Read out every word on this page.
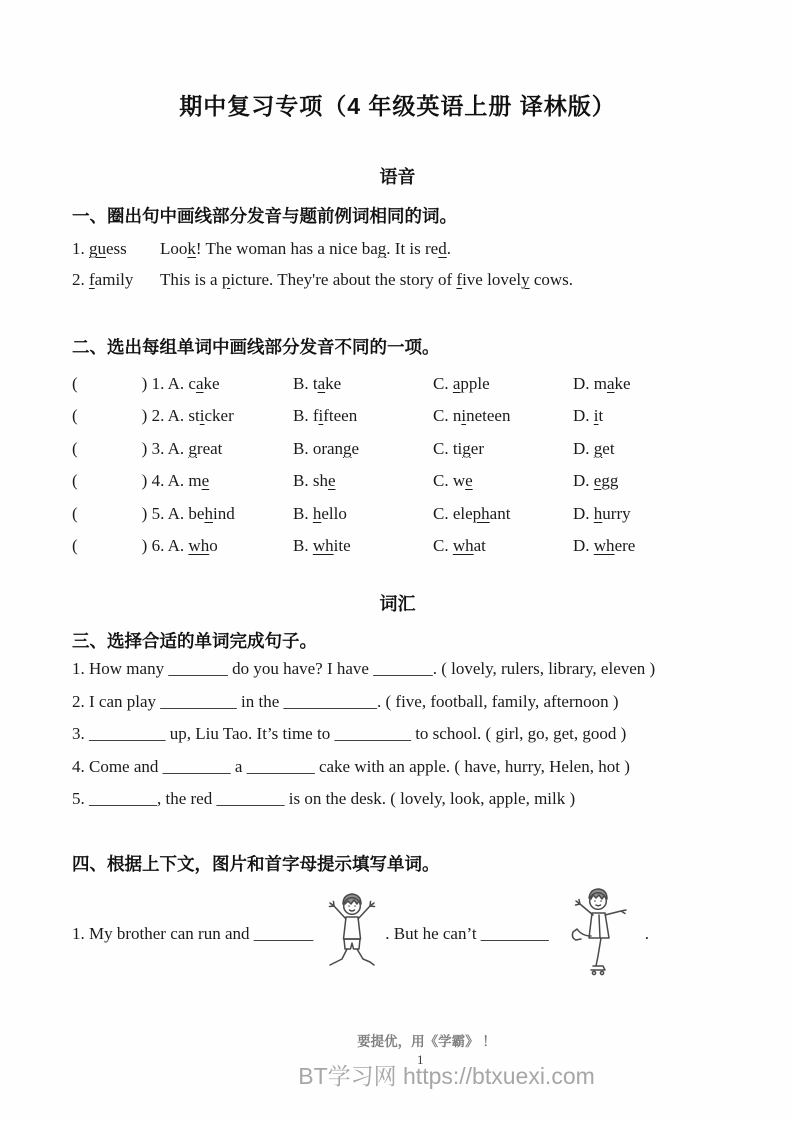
期中复习专项（4 年级英语上册 译林版）
语音
一、圈出句中画线部分发音与题前例词相同的词。
1. guess Look! The woman has a nice bag. It is red.
2. family This is a picture. They're about the story of five lovely cows.
二、选出每组单词中画线部分发音不同的一项。
(	) 1. A. cake	B. take	C. apple	D. make
(	) 2. A. sticker	B. fifteen	C. nineteen	D. it
(	) 3. A. great	B. orange	C. tiger	D. get
(	) 4. A. me	B. she	C. we	D. egg
(	) 5. A. behind	B. hello	C. elephant	D. hurry
(	) 6. A. who	B. white	C. what	D. where
词汇
三、选择合适的单词完成句子。
1. How many _______ do you have? I have _______. ( lovely, rulers, library, eleven )
2. I can play _________ in the ___________. ( five, football, family, afternoon )
3. _________ up, Liu Tao. It’s time to _________ to school. ( girl, go, get, good )
4. Come and ________ a ________ cake with an apple. ( have, hurry, Helen, hot )
5. ________, the red ________ is on the desk. ( lovely, look, apple, milk )
四、根据上下文，图片和首字母提示填写单词。
1. My brother can run and _______	. But he can’t ________	.
要提优，用《学霸》 ！
1
BT学习网 https://btxuexi.com
